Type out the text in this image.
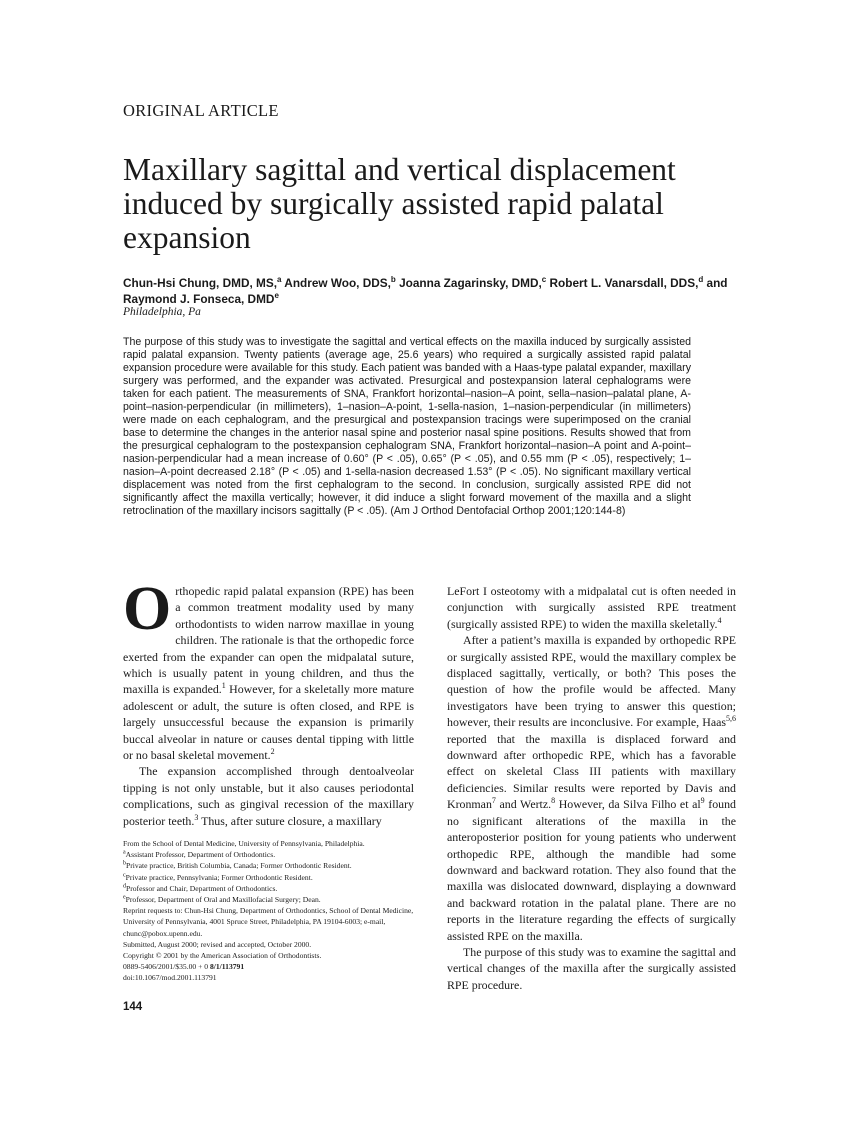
ORIGINAL ARTICLE
Maxillary sagittal and vertical displacement induced by surgically assisted rapid palatal expansion
Chun-Hsi Chung, DMD, MS,$^a$ Andrew Woo, DDS,$^b$ Joanna Zagarinsky, DMD,$^c$ Robert L. Vanarsdall, DDS,$^d$ and Raymond J. Fonseca, DMDe
Philadelphia, Pa
The purpose of this study was to investigate the sagittal and vertical effects on the maxilla induced by surgically assisted rapid palatal expansion. Twenty patients (average age, 25.6 years) who required a surgically assisted rapid palatal expansion procedure were available for this study. Each patient was banded with a Haas-type palatal expander, maxillary surgery was performed, and the expander was activated. Presurgical and postexpansion lateral cephalograms were taken for each patient. The measurements of SNA, Frankfort horizontal–nasion–A point, sella–nasion–palatal plane, A-point–nasion-perpendicular (in millimeters), 1–nasion–A-point, 1-sella-nasion, 1–nasion-perpendicular (in millimeters) were made on each cephalogram, and the presurgical and postexpansion tracings were superimposed on the cranial base to determine the changes in the anterior nasal spine and posterior nasal spine positions. Results showed that from the presurgical cephalogram to the postexpansion cephalogram SNA, Frankfort horizontal–nasion–A point and A-point–nasion-perpendicular had a mean increase of 0.60° (P < .05), 0.65° (P < .05), and 0.55 mm (P < .05), respectively; 1–nasion–A-point decreased 2.18° (P < .05) and 1-sella-nasion decreased 1.53° (P < .05). No significant maxillary vertical displacement was noted from the first cephalogram to the second. In conclusion, surgically assisted RPE did not significantly affect the maxilla vertically; however, it did induce a slight forward movement of the maxilla and a slight retroclination of the maxillary incisors sagittally (P < .05). (Am J Orthod Dentofacial Orthop 2001;120:144-8)

Orthopedic rapid palatal expansion (RPE) has been a common treatment modality used by many orthodontists to widen narrow maxillae in young children. The rationale is that the orthopedic force exerted from the expander can open the midpalatal suture, which is usually patent in young children, and thus the maxilla is expanded.$^1$ However, for a skeletally more mature adolescent or adult, the suture is often closed, and RPE is largely unsuccessful because the expansion is primarily buccal alveolar in nature or causes dental tipping with little or no basal skeletal movement.$^2$

The expansion accomplished through dentoalveolar tipping is not only unstable, but it also causes periodontal complications, such as gingival recession of the maxillary posterior teeth.$^3$ Thus, after suture closure, a maxillary

LeFort I osteotomy with a midpalatal cut is often needed in conjunction with surgically assisted RPE treatment (surgically assisted RPE) to widen the maxilla skeletally.$^4$

After a patient’s maxilla is expanded by orthopedic RPE or surgically assisted RPE, would the maxillary complex be displaced sagittally, vertically, or both? This poses the question of how the profile would be affected. Many investigators have been trying to answer this question; however, their results are inconclusive. For example, Haas$^{5,6}$ reported that the maxilla is displaced forward and downward after orthopedic RPE, which has a favorable effect on skeletal Class III patients with maxillary deficiencies. Similar results were reported by Davis and Kronman$^7$ and Wertz.$^8$ However, da Silva Filho et $al^9$ found no significant alterations of the maxilla in the anteroposterior position for young patients who underwent orthopedic RPE, although the mandible had some downward and backward rotation. They also found that the maxilla was dislocated downward, displaying a downward and backward rotation in the palatal plane. There are no reports in the literature regarding the effects of surgically assisted RPE on the maxilla.

The purpose of this study was to examine the sagittal and vertical changes of the maxilla after the surgically assisted RPE procedure.

From the School of Dental Medicine, University of Pennsylvania, Philadelphia.
$^a$Assistant Professor, Department of Orthodontics.
$^b$Private practice, British Columbia, Canada; Former Orthodontic Resident.
$^c$Private practice, Pennsylvania; Former Orthodontic Resident.
$^d$Professor and Chair, Department of Orthodontics.
$^e$Professor, Department of Oral and Maxillofacial Surgery; Dean.
Reprint requests to: Chun-Hsi Chung, Department of Orthodontics, School of Dental Medicine, University of Pennsylvania, 4001 Spruce Street, Philadelphia, PA 19104-6003; e-mail, chunc@pobox.upenn.edu.
Submitted, August 2000; revised and accepted, October 2000.
Copyright © 2001 by the American Association of Orthodontists.
0889-5406/2001/$35.00 + 0 8/1/113791
doi:10.1067/mod.2001.113791
144
